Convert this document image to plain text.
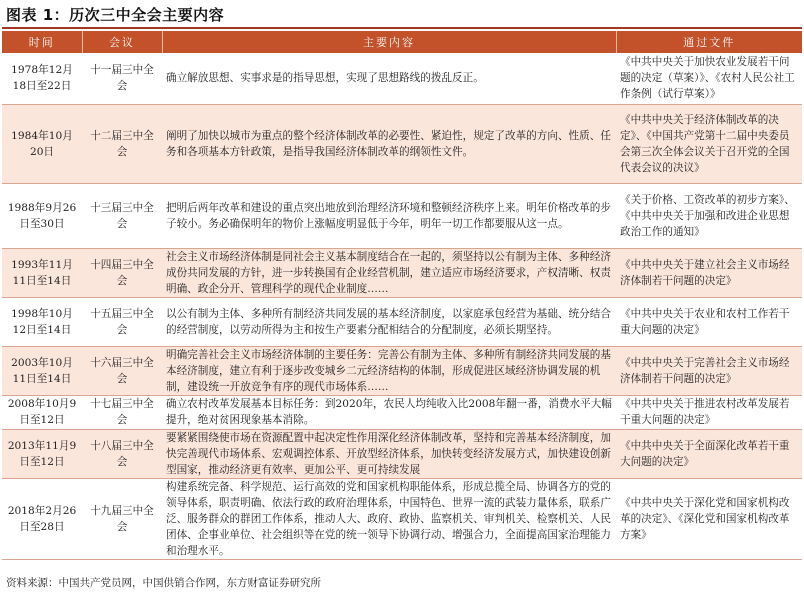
图表 1：历次三中全会主要内容
时间	会议	主要内容	通过文件
1978年12月18日至22日	十一届三中全会	确立解放思想、实事求是的指导思想，实现了思想路线的拨乱反正。	《中共中央关于加快农业发展若干问题的决定（草案）》、《农村人民公社工作条例（试行草案）》
1984年10月20日	十二届三中全会	阐明了加快以城市为重点的整个经济体制改革的必要性、紧迫性，规定了改革的方向、性质、任务和各项基本方针政策，是指导我国经济体制改革的纲领性文件。	《中共中央关于经济体制改革的决定》、《中国共产党第十二届中央委员会第三次全体会议关于召开党的全国代表会议的决议》
1988年9月26日至30日	十三届三中全会	把明后两年改革和建设的重点突出地放到治理经济环境和整顿经济秩序上来。明年价格改革的步子较小。务必确保明年的物价上涨幅度明显低于今年，明年一切工作都要服从这一点。	《关于价格、工资改革的初步方案》、《中共中央关于加强和改进企业思想政治工作的通知》
1993年11月11日至14日	十四届三中全会	社会主义市场经济体制是同社会主义基本制度结合在一起的，须坚持以公有制为主体、多种经济成份共同发展的方针，进一步转换国有企业经营机制，建立适应市场经济要求，产权清晰、权责明确、政企分开、管理科学的现代企业制度……	《中共中央关于建立社会主义市场经济体制若干问题的决定》
1998年10月12日至14日	十五届三中全会	以公有制为主体、多种所有制经济共同发展的基本经济制度，以家庭承包经营为基础、统分结合的经营制度，以劳动所得为主和按生产要素分配相结合的分配制度，必须长期坚持。	《中共中央关于农业和农村工作若干重大问题的决定》
2003年10月11日至14日	十六届三中全会	明确完善社会主义市场经济体制的主要任务：完善公有制为主体、多种所有制经济共同发展的基本经济制度，建立有利于逐步改变城乡二元经济结构的体制，形成促进区域经济协调发展的机制，建设统一开放竞争有序的现代市场体系……	《中共中央关于完善社会主义市场经济体制若干问题的决定》
2008年10月9日至12日	十七届三中全会	确立农村改革发展基本目标任务：到2020年，农民人均纯收入比2008年翻一番，消费水平大幅提升，绝对贫困现象基本消除。	《中共中央关于推进农村改革发展若干重大问题的决定》
2013年11月9日至12日	十八届三中全会	要紧紧围绕使市场在资源配置中起决定性作用深化经济体制改革，坚持和完善基本经济制度，加快完善现代市场体系、宏观调控体系、开放型经济体系，加快转变经济发展方式，加快建设创新型国家，推动经济更有效率、更加公平、更可持续发展	《中共中央关于全面深化改革若干重大问题的决定》
2018年2月26日至28日	十九届三中全会	构建系统完备、科学规范、运行高效的党和国家机构职能体系，形成总揽全局、协调各方的党的领导体系，职责明确、依法行政的政府治理体系，中国特色、世界一流的武装力量体系，联系广泛、服务群众的群团工作体系，推动人大、政府、政协、监察机关、审判机关、检察机关、人民团体、企事业单位、社会组织等在党的统一领导下协调行动、增强合力，全面提高国家治理能力和治理水平。	《中共中央关于深化党和国家机构改革的决定》、《深化党和国家机构改革方案》
资料来源：中国共产党员网，中国供销合作网，东方财富证券研究所
